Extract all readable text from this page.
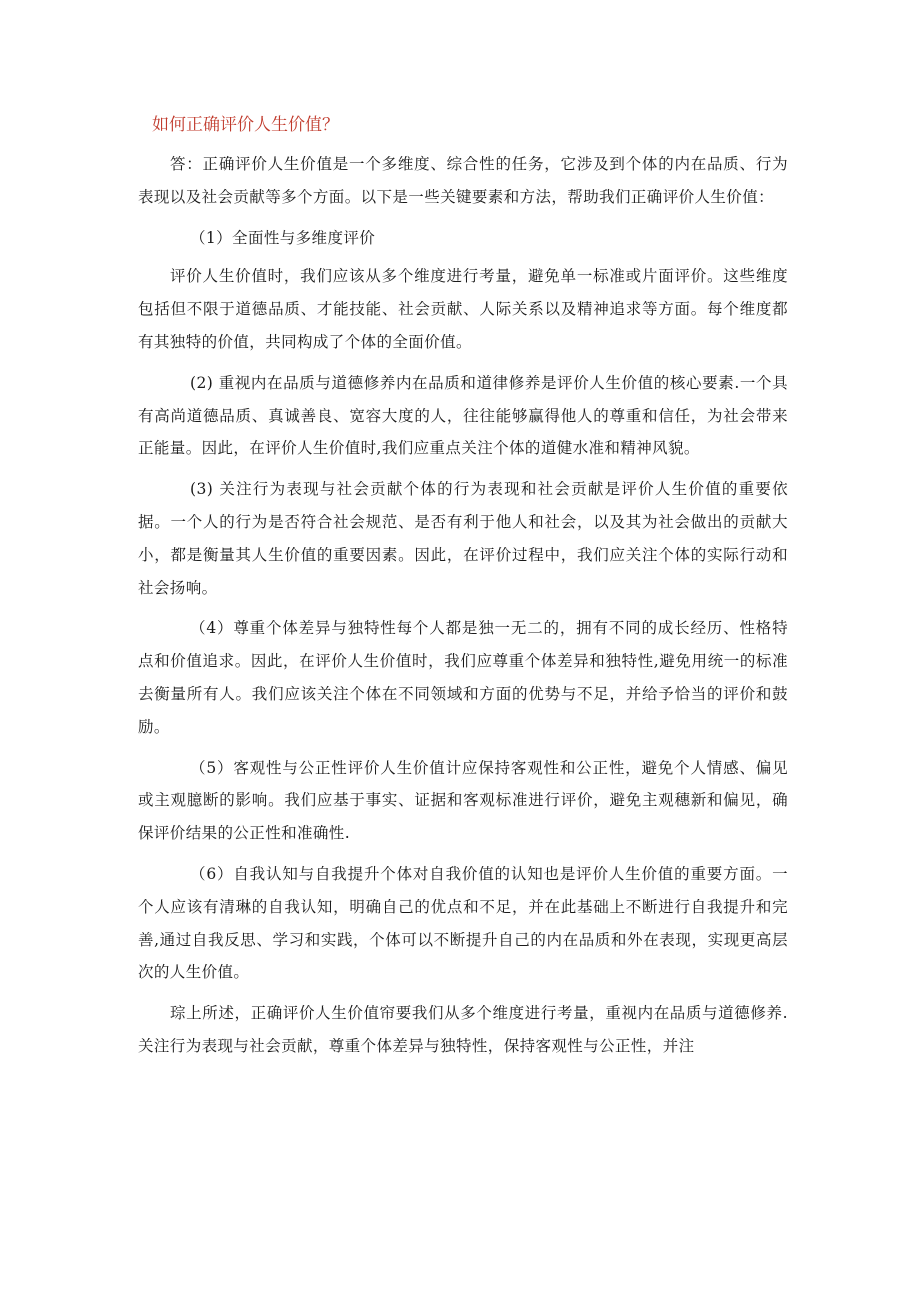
如何正确评价人生价值？

答：正确评价人生价值是一个多维度、综合性的任务，它涉及到个体的内在品质、行为表现以及社会贡献等多个方面。以下是一些关键要素和方法，帮助我们正确评价人生价值：

（1）全面性与多维度评价

评价人生价值时，我们应该从多个维度进行考量，避免单一标准或片面评价。这些维度包括但不限于道德品质、才能技能、社会贡献、人际关系以及精神追求等方面。每个维度都有其独特的价值，共同构成了个体的全面价值。

(2) 重视内在品质与道德修养内在品质和道律修养是评价人生价值的核心要素.一个具有高尚道德品质、真诚善良、宽容大度的人，往往能够赢得他人的尊重和信任，为社会带来正能量。因此，在评价人生价值时,我们应重点关注个体的道健水准和精神风貌。

(3) 关注行为表现与社会贡献个体的行为表现和社会贡献是评价人生价值的重要依据。一个人的行为是否符合社会规范、是否有利于他人和社会，以及其为社会做出的贡献大小，都是衡量其人生价值的重要因素。因此，在评价过程中，我们应关注个体的实际行动和社会扬响。

（4）尊重个体差异与独特性每个人都是独一无二的，拥有不同的成长经历、性格特点和价值追求。因此，在评价人生价值时，我们应尊重个体差异和独特性,避免用统一的标准去衡量所有人。我们应该关注个体在不同领域和方面的优势与不足，并给予恰当的评价和鼓励。

（5）客观性与公正性评价人生价值计应保持客观性和公正性，避免个人情感、偏见或主观臆断的影响。我们应基于事实、证据和客观标准进行评价，避免主观穗新和偏见，确保评价结果的公正性和准确性.

（6）自我认知与自我提升个体对自我价值的认知也是评价人生价值的重要方面。一个人应该有清琳的自我认知，明确自己的优点和不足，并在此基础上不断进行自我提升和完善,通过自我反思、学习和实践，个体可以不断提升自己的内在品质和外在表现，实现更高层次的人生价值。

琮上所述，正确评价人生价值帘要我们从多个维度进行考量，重视内在品质与道德修养.关注行为表现与社会贡献，尊重个体差异与独特性，保持客观性与公正性，并注
